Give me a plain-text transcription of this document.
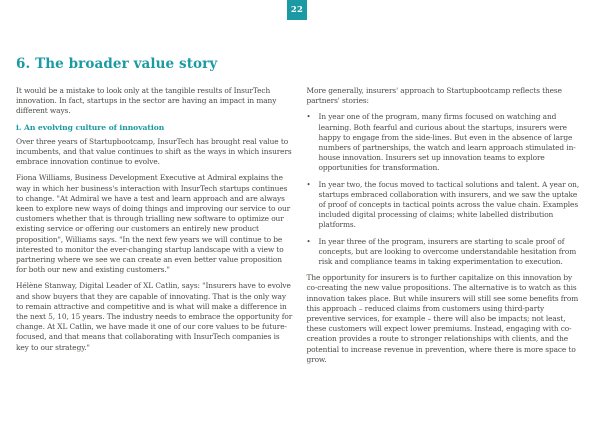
22
6. The broader value story

It would be a mistake to look only at the tangible results of InsurTech innovation. In fact, startups in the sector are having an impact in many different ways.

i. An evolving culture of innovation

Over three years of Startupbootcamp, InsurTech has brought real value to incumbents, and that value continues to shift as the ways in which insurers embrace innovation continue to evolve.

Fiona Williams, Business Development Executive at Admiral explains the way in which her business's interaction with InsurTech startups continues to change. "At Admiral we have a test and learn approach and are always keen to explore new ways of doing things and improving our service to our customers whether that is through trialling new software to optimize our existing service or offering our customers an entirely new product proposition", Williams says. "In the next few years we will continue to be interested to monitor the ever-changing startup landscape with a view to partnering where we see we can create an even better value proposition for both our new and existing customers."

Hélène Stanway, Digital Leader of XL Catlin, says: "Insurers have to evolve and show buyers that they are capable of innovating. That is the only way to remain attractive and competitive and is what will make a difference in the next 5, 10, 15 years. The industry needs to embrace the opportunity for change. At XL Catlin, we have made it one of our core values to be future-focused, and that means that collaborating with InsurTech companies is key to our strategy."

More generally, insurers' approach to Startupbootcamp reflects these partners' stories:

•	In year one of the program, many firms focused on watching and learning. Both fearful and curious about the startups, insurers were happy to engage from the side-lines. But even in the absence of large numbers of partnerships, the watch and learn approach stimulated in-house innovation. Insurers set up innovation teams to explore opportunities for transformation.
•	In year two, the focus moved to tactical solutions and talent. A year on, startups embraced collaboration with insurers, and we saw the uptake of proof of concepts in tactical points across the value chain. Examples included digital processing of claims; white labelled distribution platforms.
•	In year three of the program, insurers are starting to scale proof of concepts, but are looking to overcome understandable hesitation from risk and compliance teams in taking experimentation to execution.

The opportunity for insurers is to further capitalize on this innovation by co-creating the new value propositions. The alternative is to watch as this innovation takes place. But while insurers will still see some benefits from this approach – reduced claims from customers using third-party preventive services, for example – there will also be impacts; not least, these customers will expect lower premiums. Instead, engaging with co-creation provides a route to stronger relationships with clients, and the potential to increase revenue in prevention, where there is more space to grow.
